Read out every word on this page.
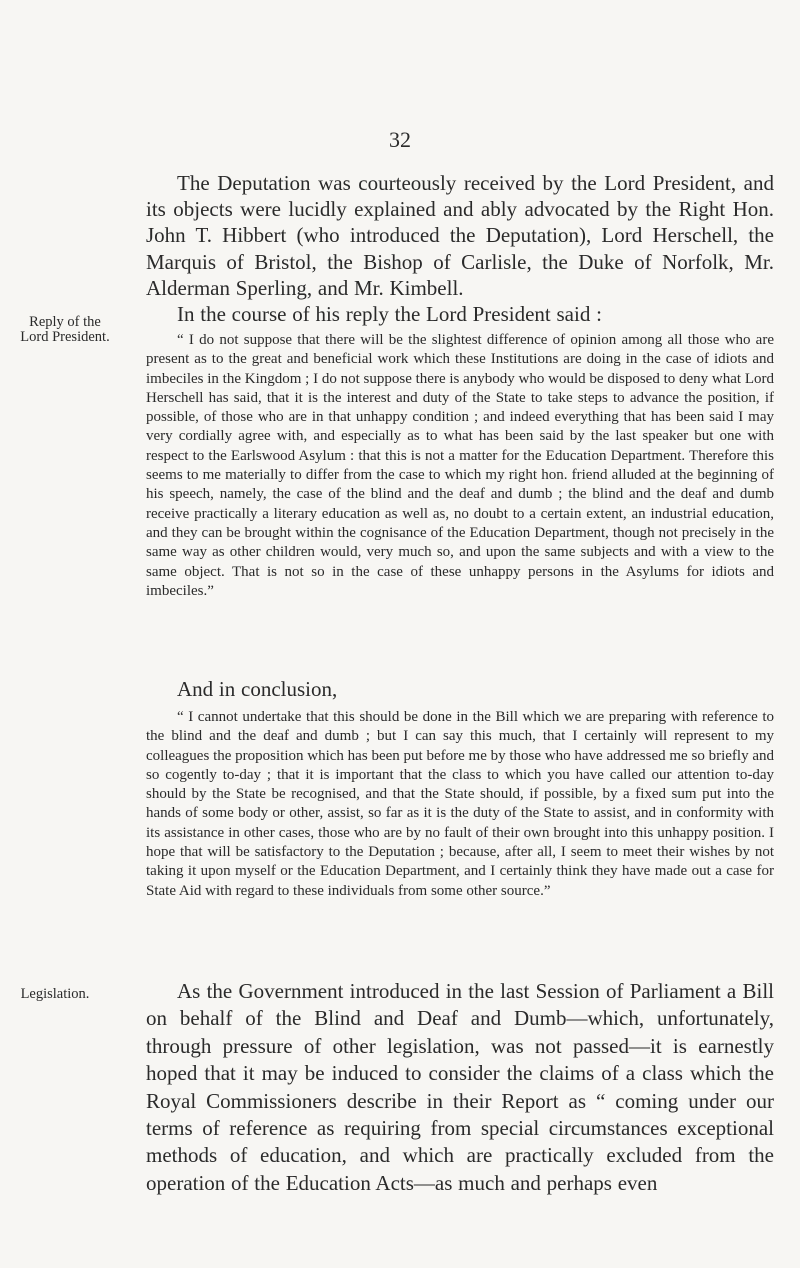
32

The Deputation was courteously received by the Lord President, and its objects were lucidly explained and ably advocated by the Right Hon. John T. Hibbert (who introduced the Deputation), Lord Herschell, the Marquis of Bristol, the Bishop of Carlisle, the Duke of Norfolk, Mr. Alderman Sperling, and Mr. Kimbell.

Reply of the
Lord President.

In the course of his reply the Lord President said :

“ I do not suppose that there will be the slightest difference of opinion among all those who are present as to the great and beneficial work which these Institutions are doing in the case of idiots and imbeciles in the Kingdom ; I do not suppose there is anybody who would be disposed to deny what Lord Herschell has said, that it is the interest and duty of the State to take steps to advance the position, if possible, of those who are in that unhappy condition ; and indeed everything that has been said I may very cordially agree with, and especially as to what has been said by the last speaker but one with respect to the Earlswood Asylum : that this is not a matter for the Education Department. Therefore this seems to me materially to differ from the case to which my right hon. friend alluded at the beginning of his speech, namely, the case of the blind and the deaf and dumb ; the blind and the deaf and dumb receive practically a literary education as well as, no doubt to a certain extent, an industrial education, and they can be brought within the cognisance of the Education Department, though not precisely in the same way as other children would, very much so, and upon the same subjects and with a view to the same object. That is not so in the case of these unhappy persons in the Asylums for idiots and imbeciles.”

And in conclusion,

“ I cannot undertake that this should be done in the Bill which we are preparing with reference to the blind and the deaf and dumb ; but I can say this much, that I certainly will represent to my colleagues the proposition which has been put before me by those who have addressed me so briefly and so cogently to-day ; that it is important that the class to which you have called our attention to-day should by the State be recognised, and that the State should, if possible, by a fixed sum put into the hands of some body or other, assist, so far as it is the duty of the State to assist, and in conformity with its assistance in other cases, those who are by no fault of their own brought into this unhappy position. I hope that will be satisfactory to the Deputation ; because, after all, I seem to meet their wishes by not taking it upon myself or the Education Department, and I certainly think they have made out a case for State Aid with regard to these individuals from some other source.”

Legislation.	As the Government introduced in the last Session of Parliament a Bill on behalf of the Blind and Deaf and Dumb—which, unfortunately, through pressure of other legislation, was not passed—it is earnestly hoped that it may be induced to consider the claims of a class which the Royal Commissioners describe in their Report as “ coming under our terms of reference as requiring from special circumstances exceptional methods of education, and which are practically excluded from the operation of the Education Acts—as much and perhaps even
